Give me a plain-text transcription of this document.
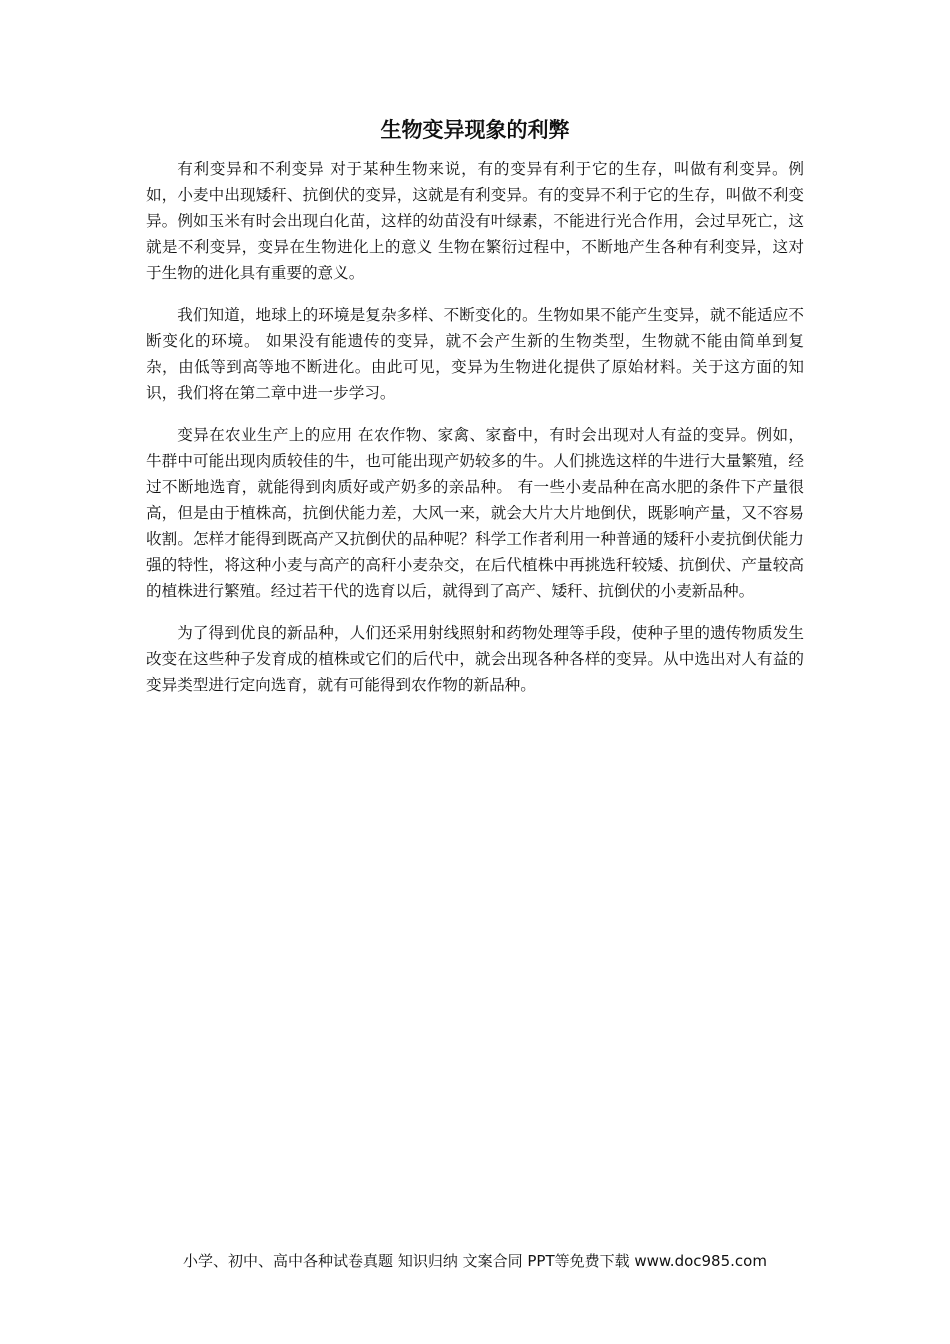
生物变异现象的利弊

有利变异和不利变异 对于某种生物来说，有的变异有利于它的生存，叫做有利变异。例如，小麦中出现矮秆、抗倒伏的变异，这就是有利变异。有的变异不利于它的生存，叫做不利变异。例如玉米有时会出现白化苗，这样的幼苗没有叶绿素，不能进行光合作用，会过早死亡，这就是不利变异，变异在生物进化上的意义 生物在繁衍过程中，不断地产生各种有利变异，这对于生物的进化具有重要的意义。

我们知道，地球上的环境是复杂多样、不断变化的。生物如果不能产生变异，就不能适应不断变化的环境。 如果没有能遗传的变异，就不会产生新的生物类型，生物就不能由简单到复杂，由低等到高等地不断进化。由此可见，变异为生物进化提供了原始材料。关于这方面的知识，我们将在第二章中进一步学习。

变异在农业生产上的应用 在农作物、家禽、家畜中，有时会出现对人有益的变异。例如，牛群中可能出现肉质较佳的牛，也可能出现产奶较多的牛。人们挑选这样的牛进行大量繁殖，经过不断地选育，就能得到肉质好或产奶多的亲品种。 有一些小麦品种在高水肥的条件下产量很高，但是由于植株高，抗倒伏能力差，大风一来，就会大片大片地倒伏，既影响产量，又不容易收割。怎样才能得到既高产又抗倒伏的品种呢？科学工作者利用一种普通的矮秆小麦抗倒伏能力强的特性，将这种小麦与高产的高秆小麦杂交，在后代植株中再挑选秆较矮、抗倒伏、产量较高的植株进行繁殖。经过若干代的选育以后，就得到了高产、矮秆、抗倒伏的小麦新品种。

为了得到优良的新品种，人们还采用射线照射和药物处理等手段，使种子里的遗传物质发生改变在这些种子发育成的植株或它们的后代中，就会出现各种各样的变异。从中选出对人有益的变异类型进行定向选育，就有可能得到农作物的新品种。

小学、初中、高中各种试卷真题 知识归纳 文案合同 PPT等免费下载 www.doc985.com
